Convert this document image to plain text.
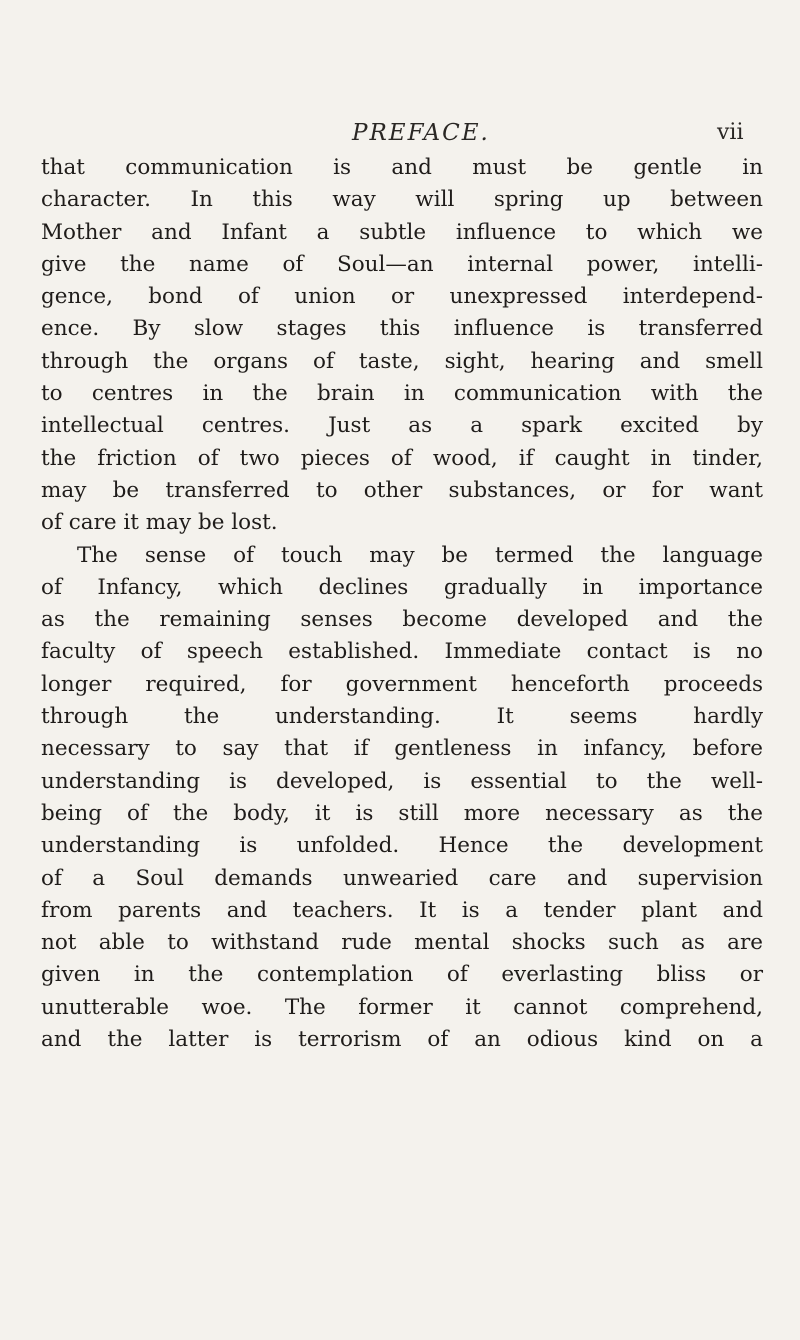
PREFACE.	vii
that communication is and must be gentle in
character. In this way will spring up between
Mother and Infant a subtle influence to which we
give the name of Soul—an internal power, intelli-
gence, bond of union or unexpressed interdepend-
ence. By slow stages this influence is transferred
through the organs of taste, sight, hearing and smell
to centres in the brain in communication with the
intellectual centres. Just as a spark excited by
the friction of two pieces of wood, if caught in tinder,
may be transferred to other substances, or for want
of care it may be lost.
The sense of touch may be termed the language
of Infancy, which declines gradually in importance
as the remaining senses become developed and the
faculty of speech established. Immediate contact is no
longer required, for government henceforth proceeds
through the understanding. It seems hardly
necessary to say that if gentleness in infancy, before
understanding is developed, is essential to the well-
being of the body, it is still more necessary as the
understanding is unfolded. Hence the development
of a Soul demands unwearied care and supervision
from parents and teachers. It is a tender plant and
not able to withstand rude mental shocks such as are
given in the contemplation of everlasting bliss or
unutterable woe. The former it cannot comprehend,
and the latter is terrorism of an odious kind on a
